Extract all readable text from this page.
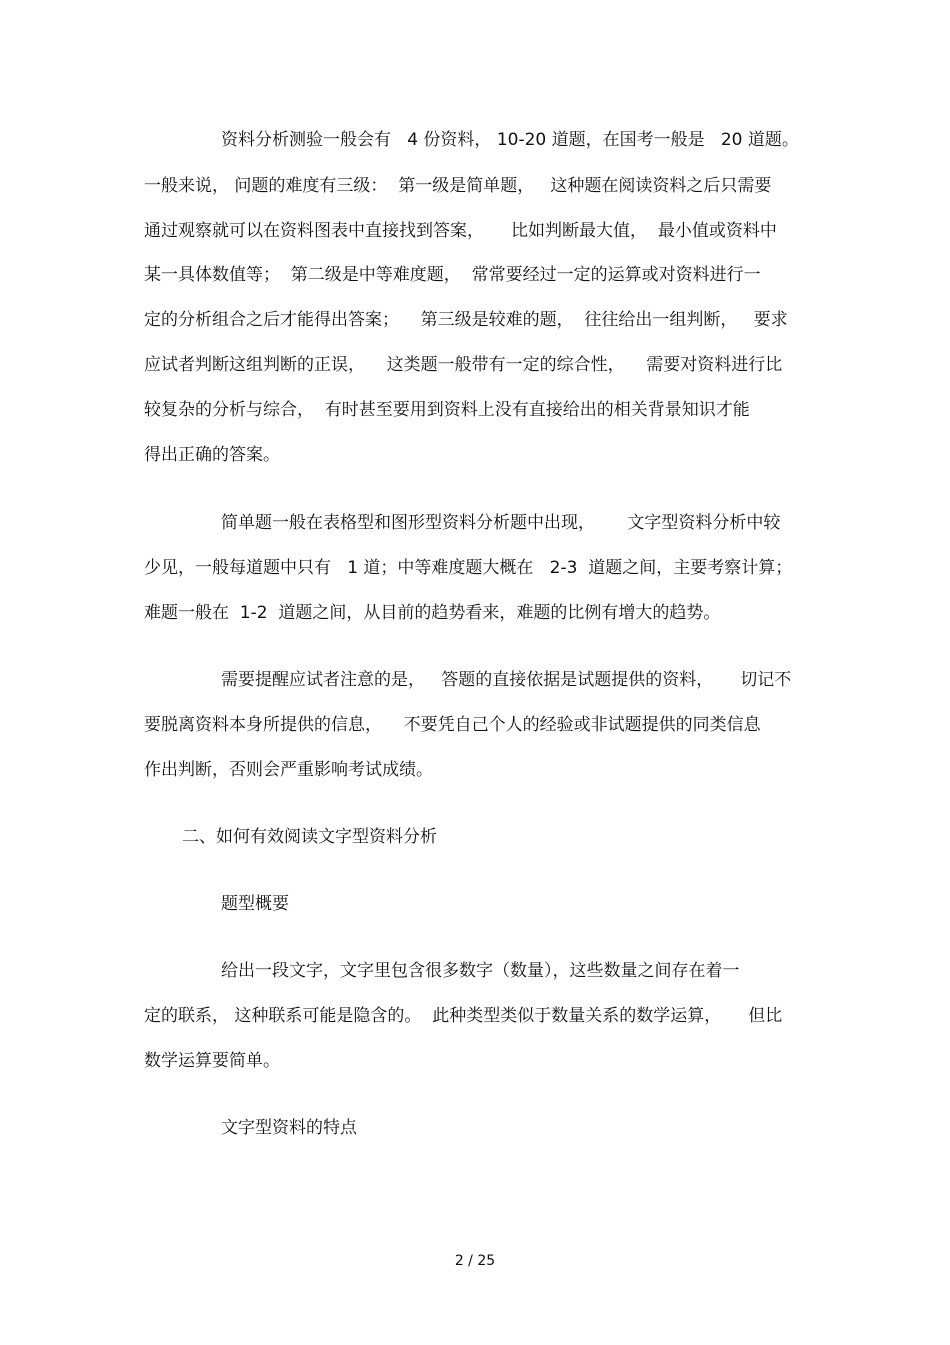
资料分析测验一般会有   4 份资料， 10-20 道题，在国考一般是   20 道题。
一般来说， 问题的难度有三级：  第一级是简单题，   这种题在阅读资料之后只需要
通过观察就可以在资料图表中直接找到答案，     比如判断最大值，  最小值或资料中
某一具体数值等；  第二级是中等难度题，  常常要经过一定的运算或对资料进行一
定的分析组合之后才能得出答案；    第三级是较难的题，  往往给出一组判断，   要求
应试者判断这组判断的正误，    这类题一般带有一定的综合性，    需要对资料进行比
较复杂的分析与综合，  有时甚至要用到资料上没有直接给出的相关背景知识才能
得出正确的答案。
简单题一般在表格型和图形型资料分析题中出现，      文字型资料分析中较
少见，一般每道题中只有   1 道；中等难度题大概在   2-3  道题之间，主要考察计算；
难题一般在  1-2  道题之间，从目前的趋势看来，难题的比例有增大的趋势。
需要提醒应试者注意的是，   答题的直接依据是试题提供的资料，     切记不
要脱离资料本身所提供的信息，    不要凭自己个人的经验或非试题提供的同类信息
作出判断，否则会严重影响考试成绩。
二、如何有效阅读文字型资料分析
题型概要
给出一段文字，文字里包含很多数字（数量），这些数量之间存在着一
定的联系， 这种联系可能是隐含的。  此种类型类似于数量关系的数学运算，     但比
数学运算要简单。
文字型资料的特点
2 / 25
